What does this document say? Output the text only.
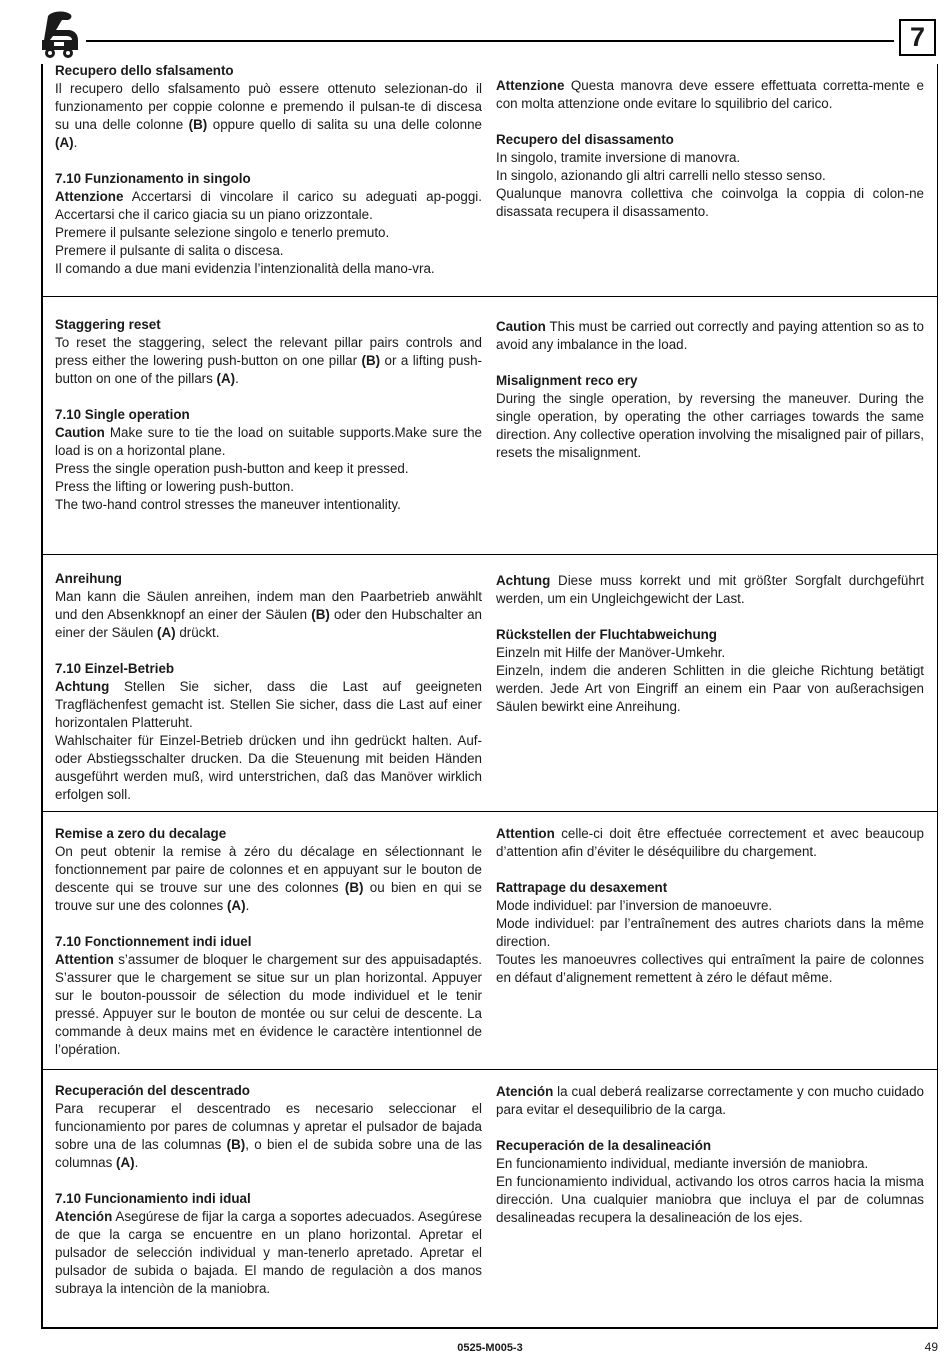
7
Recupero dello sfalsamento

Il recupero dello sfalsamento può essere ottenuto selezionan-do il funzionamento per coppie colonne e premendo il pulsan-te di discesa su una delle colonne (B) oppure quello di salita su una delle colonne (A).

7.10 Funzionamento in singolo

Attenzione Accertarsi di vincolare il carico su adeguati ap-poggi. Accertarsi che il carico giacia su un piano orizzontale.

Premere il pulsante selezione singolo e tenerlo premuto.

Premere il pulsante di salita o discesa.

Il comando a due mani evidenzia l’intenzionalità della mano-vra.

Attenzione Questa manovra deve essere effettuata corretta-mente e con molta attenzione onde evitare lo squilibrio del carico.

Recupero del disassamento

In singolo, tramite inversione di manovra.

In singolo, azionando gli altri carrelli nello stesso senso.

Qualunque manovra collettiva che coinvolga la coppia di colon-ne disassata recupera il disassamento.

Staggering reset

To reset the staggering, select the relevant pillar pairs controls and press either the lowering push-button on one pillar (B) or a lifting push-button on one of the pillars (A).

7.10 Single operation

Caution Make sure to tie the load on suitable supports.Make sure the load is on a horizontal plane.

Press the single operation push-button and keep it pressed.

Press the lifting or lowering push-button.

The two-hand control stresses the maneuver intentionality.

Caution This must be carried out correctly and paying attention so as to avoid any imbalance in the load.

Misalignment reco ery

During the single operation, by reversing the maneuver. During the single operation, by operating the other carriages towards the same direction. Any collective operation involving the misaligned pair of pillars, resets the misalignment.

Anreihung

Man kann die Säulen anreihen, indem man den Paarbetrieb anwählt und den Absenkknopf an einer der Säulen (B) oder den Hubschalter an einer der Säulen (A) drückt.

7.10 Einzel-Betrieb

Achtung Stellen Sie sicher, dass die Last auf geeigneten Tragflächenfest gemacht ist. Stellen Sie sicher, dass die Last auf einer horizontalen Platteruht.

Wahlschaiter für Einzel-Betrieb drücken und ihn gedrückt halten. Auf- oder Abstiegsschalter drucken. Da die Steuenung mit beiden Händen ausgeführt werden muß, wird unterstrichen, daß das Manöver wirklich erfolgen soll.

Achtung Diese muss korrekt und mit größter Sorgfalt durchgeführt werden, um ein Ungleichgewicht der Last.

Rückstellen der Fluchtabweichung

Einzeln mit Hilfe der Manöver-Umkehr.

Einzeln, indem die anderen Schlitten in die gleiche Richtung betätigt werden. Jede Art von Eingriff an einem ein Paar von außerachsigen Säulen bewirkt eine Anreihung.

Remise a zero du decalage

On peut obtenir la remise à zéro du décalage en sélectionnant le fonctionnement par paire de colonnes et en appuyant sur le bouton de descente qui se trouve sur une des colonnes (B) ou bien en qui se trouve sur une des colonnes (A).

7.10 Fonctionnement indi iduel

Attention s’assumer de bloquer le chargement sur des appuisadaptés. S’assurer que le chargement se situe sur un plan horizontal. Appuyer sur le bouton-poussoir de sélection du mode individuel et le tenir pressé. Appuyer sur le bouton de montée ou sur celui de descente. La commande à deux mains met en évidence le caractère intentionnel de l’opération.

Attention celle-ci doit être effectuée correctement et avec beaucoup d’attention afin d’éviter le déséquilibre du chargement.

Rattrapage du desaxement

Mode individuel: par l’inversion de manoeuvre.

Mode individuel: par l’entraînement des autres chariots dans la même direction.

Toutes les manoeuvres collectives qui entraîment la paire de colonnes en défaut d’alignement remettent à zéro le défaut même.

Recuperación del descentrado

Para recuperar el descentrado es necesario seleccionar el funcionamiento por pares de columnas y apretar el pulsador de bajada sobre una de las columnas (B), o bien el de subida sobre una de las columnas (A).

7.10 Funcionamiento indi idual

Atención Asegúrese de fijar la carga a soportes adecuados. Asegúrese de que la carga se encuentre en un plano horizontal. Apretar el pulsador de selección individual y man-tenerlo apretado. Apretar el pulsador de subida o bajada. El mando de regulaciòn a dos manos subraya la intenciòn de la maniobra.

Atención la cual deberá realizarse correctamente y con mucho cuidado para evitar el desequilibrio de la carga.

Recuperación de la desalineación

En funcionamiento individual, mediante inversión de maniobra.

En funcionamiento individual, activando los otros carros hacia la misma dirección. Una cualquier maniobra que incluya el par de columnas desalineadas recupera la desalineación de los ejes.

0525-M005-3	49
